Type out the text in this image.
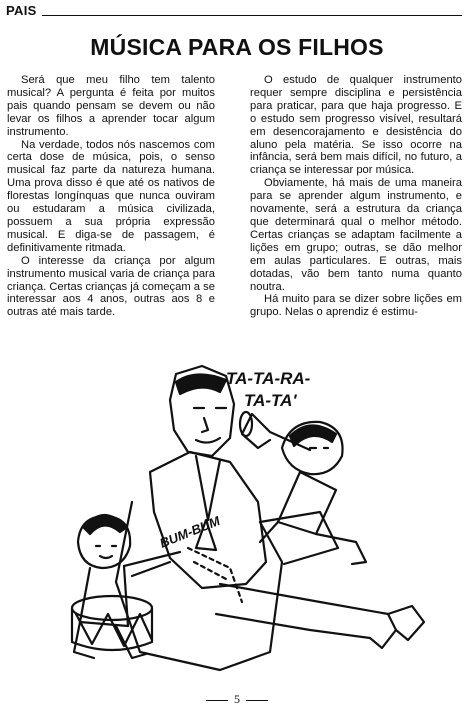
PAIS
MÚSICA PARA OS FILHOS

Será que meu filho tem talento musical? A pergunta é feita por muitos pais quando pensam se devem ou não levar os filhos a aprender tocar algum instrumento.

Na verdade, todos nós nascemos com certa dose de música, pois, o senso musical faz parte da natureza humana. Uma prova disso é que até os nativos de florestas longínquas que nunca ouviram ou estudaram a música civilizada, possuem a sua própria expressão musical. E diga-se de passagem, é definitivamente ritmada.

O interesse da criança por algum instrumento musical varia de criança para criança. Certas crianças já começam a se interessar aos 4 anos, outras aos 8 e outras até mais tarde.

O estudo de qualquer instrumento requer sempre disciplina e persistência para praticar, para que haja progresso. E o estudo sem progresso visível, resultará em desencorajamento e desistência do aluno pela matéria. Se isso ocorre na infância, será bem mais difícil, no futuro, a criança se interessar por música.

Obviamente, há mais de uma maneira para se aprender algum instrumento, e novamente, será a estrutura da criança que determinará qual o melhor método. Certas crianças se adaptam facilmente a lições em grupo; outras, se dão melhor em aulas particulares. E outras, mais dotadas, vão bem tanto numa quanto noutra.

Há muito para se dizer sobre lições em grupo. Nelas o aprendiz é estimu-

TA-TA-RA-
TA-TA'
BUM-BUM
5
